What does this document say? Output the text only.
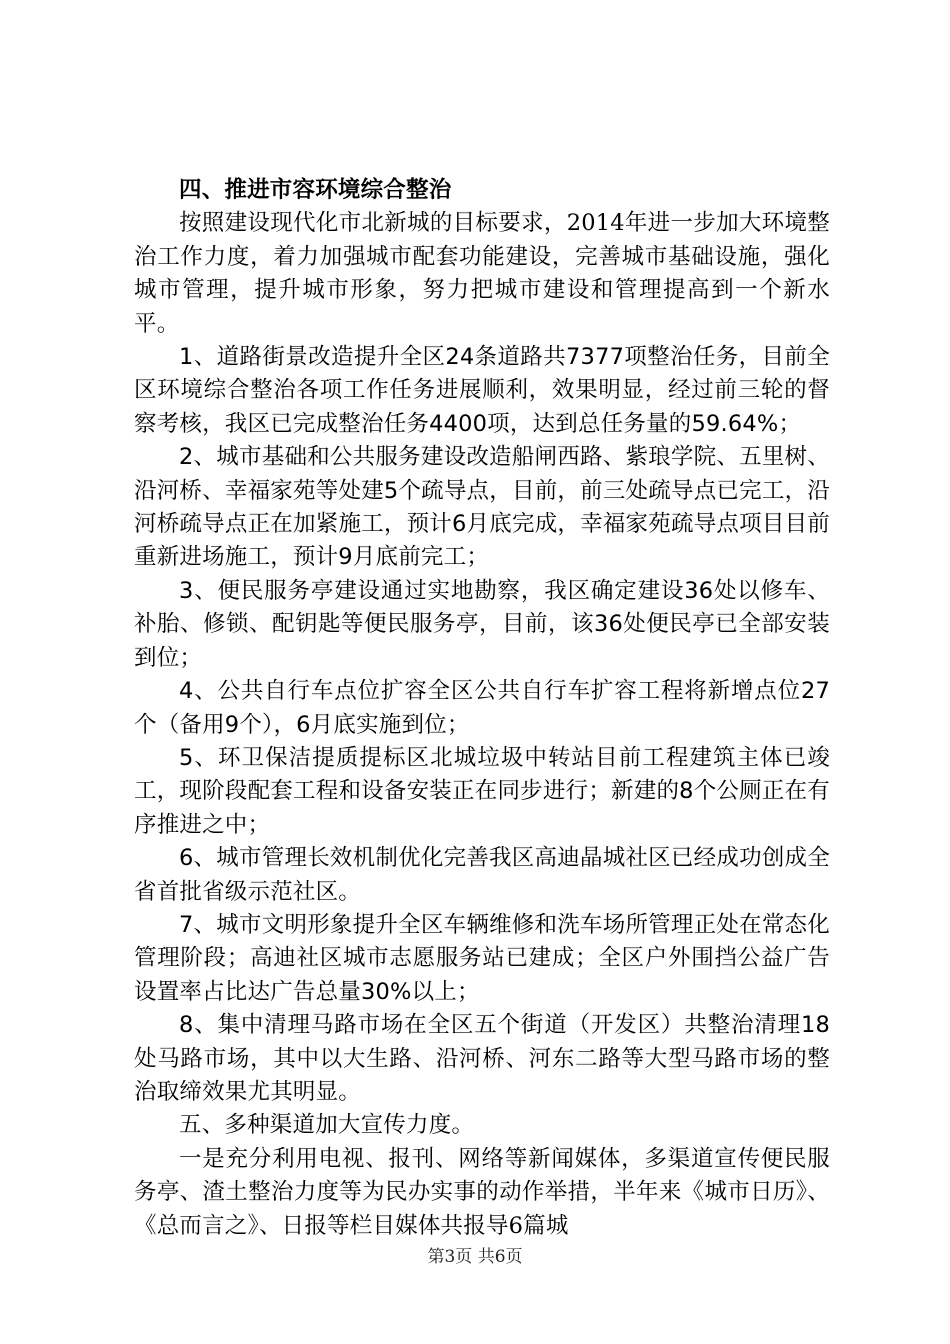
四、推进市容环境综合整治

按照建设现代化市北新城的目标要求，2014年进一步加大环境整治工作力度，着力加强城市配套功能建设，完善城市基础设施，强化城市管理，提升城市形象，努力把城市建设和管理提高到一个新水平。

1、道路街景改造提升全区24条道路共7377项整治任务，目前全区环境综合整治各项工作任务进展顺利，效果明显，经过前三轮的督察考核，我区已完成整治任务4400项，达到总任务量的59.64%；

2、城市基础和公共服务建设改造船闸西路、紫琅学院、五里树、沿河桥、幸福家苑等处建5个疏导点，目前，前三处疏导点已完工，沿河桥疏导点正在加紧施工，预计6月底完成，幸福家苑疏导点项目目前重新进场施工，预计9月底前完工；

3、便民服务亭建设通过实地勘察，我区确定建设36处以修车、补胎、修锁、配钥匙等便民服务亭，目前，该36处便民亭已全部安装到位；

4、公共自行车点位扩容全区公共自行车扩容工程将新增点位27个（备用9个），6月底实施到位；

5、环卫保洁提质提标区北城垃圾中转站目前工程建筑主体已竣工，现阶段配套工程和设备安装正在同步进行；新建的8个公厕正在有序推进之中；

6、城市管理长效机制优化完善我区高迪晶城社区已经成功创成全省首批省级示范社区。

7、城市文明形象提升全区车辆维修和洗车场所管理正处在常态化管理阶段；高迪社区城市志愿服务站已建成；全区户外围挡公益广告设置率占比达广告总量30%以上；

8、集中清理马路市场在全区五个街道（开发区）共整治清理18处马路市场，其中以大生路、沿河桥、河东二路等大型马路市场的整治取缔效果尤其明显。

五、多种渠道加大宣传力度。

一是充分利用电视、报刊、网络等新闻媒体，多渠道宣传便民服务亭、渣土整治力度等为民办实事的动作举措，半年来《城市日历》、《总而言之》、日报等栏目媒体共报导6篇城

第3页 共6页
